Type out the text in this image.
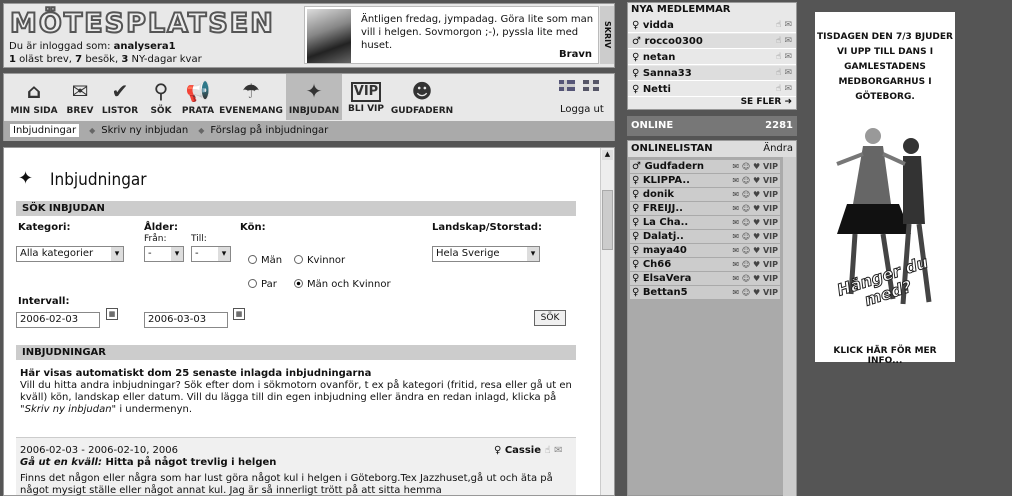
MÖTESPLATSEN
Du är inloggad som: analysera1
1 oläst brev, 7 besök, 3 NY-dagar kvar
Äntligen fredag, jympadag. Göra lite som man vill i helgen. Sovmorgon ;-), pyssla lite med huset.
Bravn
SKRIV
⌂
MIN SIDA
✉
BREV
✔
LISTOR
⚲
SÖK
📢
PRATA
☂
EVENEMANG
✦
INBJUDAN
VIP
BLI VIP
☻
GUDFADERN
	Logga ut
Inbjudningar ◆ Skriv ny inbjudan ◆ Förslag på inbjudningar
▲
✦ Inbjudningar
SÖK INBJUDAN
Kategori:
Alla kategorier ▾
Ålder:
Från:	Till:
- ▾	- ▾
Kön:
Män	Kvinnor
Par	Män och Kvinnor
Landskap/Storstad:
Hela Sverige ▾
Intervall:
2006-02-03	▦	2006-03-03	▦	SÖK
INBJUDNINGAR
Här visas automatiskt dom 25 senaste inlagda inbjudningarna
Vill du hitta andra inbjudningar? Sök efter dom i sökmotorn ovanför, t ex på kategori (fritid, resa eller gå ut en kväll) kön, landskap eller datum. Vill du lägga till din egen inbjudning eller ändra en redan inlagd, klicka på "Skriv ny inbjudan" i undermenyn.
2006-02-03 - 2006-02-10, 2006	♀ Cassie ☝ ✉
Gå ut en kväll: Hitta på något trevlig i helgen
Finns det någon eller några som har lust göra något kul i helgen i Göteborg.Tex Jazzhuset,gå ut och äta på något mysigt ställe eller något annat kul. Jag är så innerligt trött på att sitta hemma
NYA MEDLEMMAR
♀ vidda	☝ ✉
♂ rocco0300	☝ ✉
♀ netan	☝ ✉
♀ Sanna33	☝ ✉
♀ Netti	☝ ✉
SE FLER ➜
ONLINE	2281
ONLINELISTAN	Ändra
♂ Gudfadern	✉ ☺ ♥ VIP
♀ KLIPPA..	✉ ☺ ♥ VIP
♀ donik	✉ ☺ ♥ VIP
♀ FREIJJ..	✉ ☺ ♥ VIP
♀ La Cha..	✉ ☺ ♥ VIP
♀ Dalatj..	✉ ☺ ♥ VIP
♀ maya40	✉ ☺ ♥ VIP
♀ Ch66	✉ ☺ ♥ VIP
♀ ElsaVera	✉ ☺ ♥ VIP
♀ Bettan5	✉ ☺ ♥ VIP
TISDAGEN DEN 7/3 BJUDER VI UPP TILL DANS I GAMLESTADENS MEDBORGARHUS I GÖTEBORG.
Hänger du med?
KLICK HÄR FÖR MER INFO...
